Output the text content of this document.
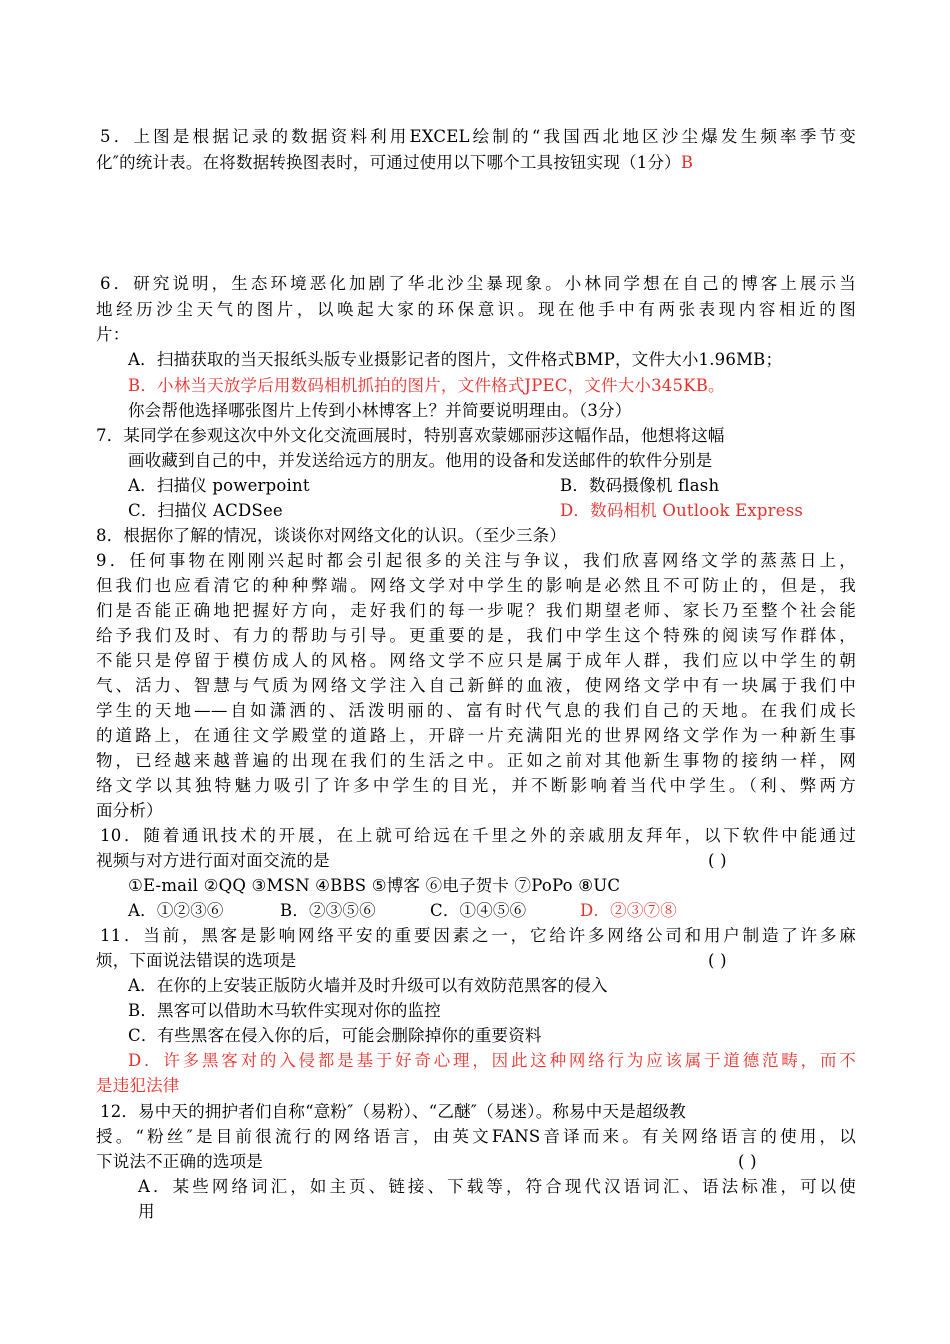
5．上图是根据记录的数据资料利用EXCEL绘制的“我国西北地区沙尘爆发生频率季节变
化″的统计表。在将数据转换图表时，可通过使用以下哪个工具按钮实现（1分）B
6．研究说明，生态环境恶化加剧了华北沙尘暴现象。小林同学想在自己的博客上展示当
地经历沙尘天气的图片，以唤起大家的环保意识。现在他手中有两张表现内容相近的图
片：
A．扫描获取的当天报纸头版专业摄影记者的图片，文件格式BMP，文件大小1.96MB；
B．小林当天放学后用数码相机抓拍的图片，文件格式JPEC，文件大小345KB。
你会帮他选择哪张图片上传到小林博客上？并简要说明理由。（3分）
7．某同学在参观这次中外文化交流画展时，特别喜欢蒙娜丽莎这幅作品，他想将这幅
画收藏到自己的中，并发送给远方的朋友。他用的设备和发送邮件的软件分别是
A．扫描仪 powerpoint	B．数码摄像机 flash
C．扫描仪 ACDSee	D．数码相机 Outlook Express
8．根据你了解的情况，谈谈你对网络文化的认识。（至少三条）
9．任何事物在刚刚兴起时都会引起很多的关注与争议，我们欣喜网络文学的蒸蒸日上，
但我们也应看清它的种种弊端。网络文学对中学生的影响是必然且不可防止的，但是，我
们是否能正确地把握好方向，走好我们的每一步呢？我们期望老师、家长乃至整个社会能
给予我们及时、有力的帮助与引导。更重要的是，我们中学生这个特殊的阅读写作群体，
不能只是停留于模仿成人的风格。网络文学不应只是属于成年人群，我们应以中学生的朝
气、活力、智慧与气质为网络文学注入自己新鲜的血液，使网络文学中有一块属于我们中
学生的天地——自如潇洒的、活泼明丽的、富有时代气息的我们自己的天地。在我们成长
的道路上，在通往文学殿堂的道路上，开辟一片充满阳光的世界网络文学作为一种新生事
物，已经越来越普遍的出现在我们的生活之中。正如之前对其他新生事物的接纳一样，网
络文学以其独特魅力吸引了许多中学生的目光，并不断影响着当代中学生。（利、弊两方
面分析）
10．随着通讯技术的开展，在上就可给远在千里之外的亲戚朋友拜年，以下软件中能通过
视频与对方进行面对面交流的是	( )
①E-mail ②QQ ③MSN ④BBS ⑤博客 ⑥电子贺卡 ⑦PoPo ⑧UC
A．①②③⑥	B．②③⑤⑥	C．①④⑤⑥	D．②③⑦⑧
11．当前，黑客是影响网络平安的重要因素之一，它给许多网络公司和用户制造了许多麻
烦，下面说法错误的选项是	( )
A．在你的上安装正版防火墙并及时升级可以有效防范黑客的侵入
B．黑客可以借助木马软件实现对你的监控
C．有些黑客在侵入你的后，可能会删除掉你的重要资料
D．许多黑客对的入侵都是基于好奇心理，因此这种网络行为应该属于道德范畴，而不
是违犯法律
12．易中天的拥护者们自称“意粉″（易粉）、“乙醚″（易迷）。称易中天是超级教
授。“粉丝″是目前很流行的网络语言，由英文FANS音译而来。有关网络语言的使用，以
下说法不正确的选项是	( )
A．某些网络词汇，如主页、链接、下载等，符合现代汉语词汇、语法标准，可以使
用
